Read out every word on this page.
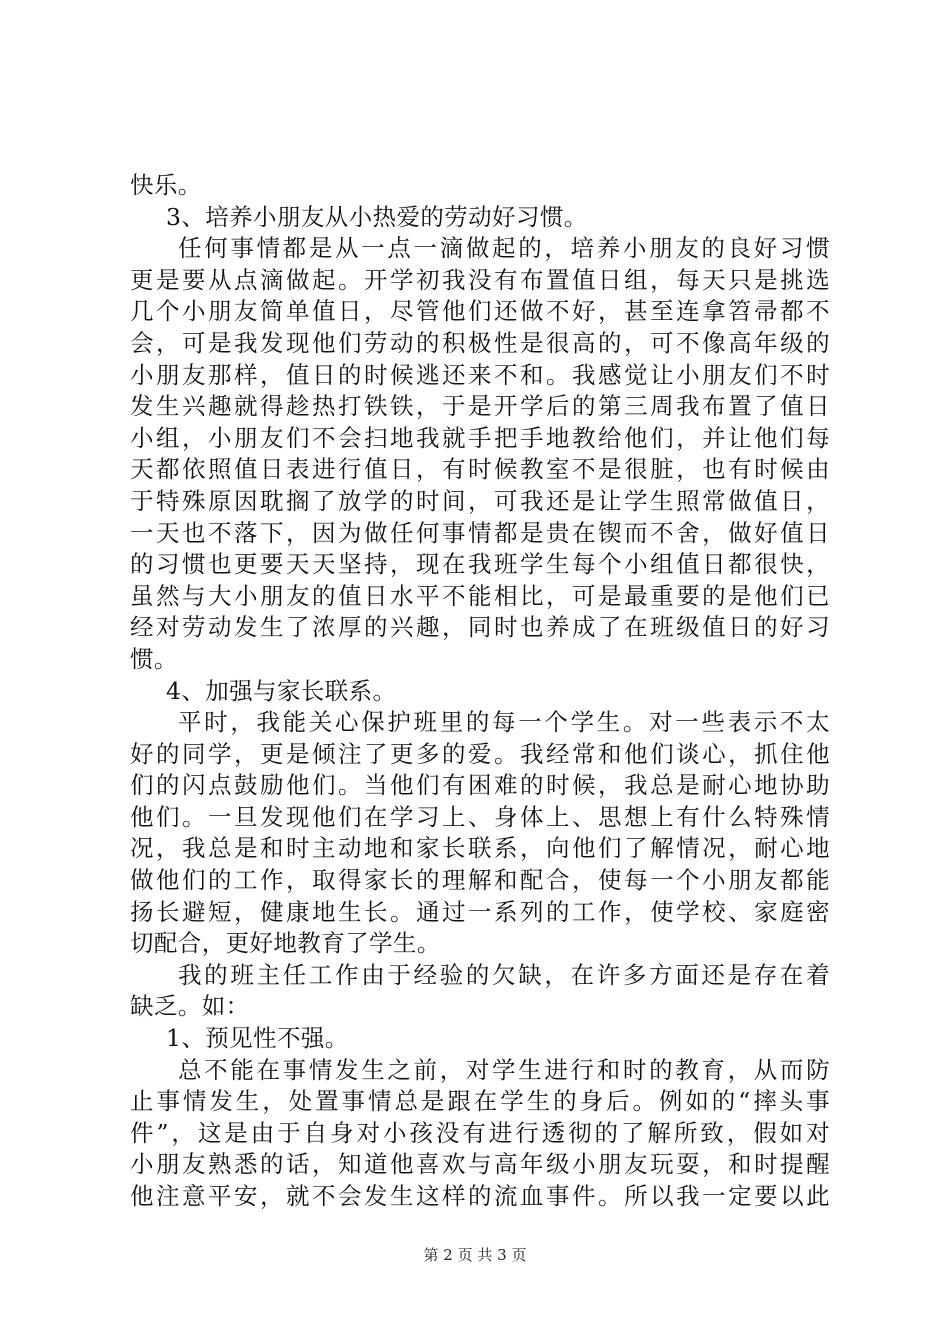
快乐。
3、培养小朋友从小热爱的劳动好习惯。
任何事情都是从一点一滴做起的，培养小朋友的良好习惯
更是要从点滴做起。开学初我没有布置值日组，每天只是挑选
几个小朋友简单值日，尽管他们还做不好，甚至连拿笤帚都不
会，可是我发现他们劳动的积极性是很高的，可不像高年级的
小朋友那样，值日的时候逃还来不和。我感觉让小朋友们不时
发生兴趣就得趁热打铁铁，于是开学后的第三周我布置了值日
小组，小朋友们不会扫地我就手把手地教给他们，并让他们每
天都依照值日表进行值日，有时候教室不是很脏，也有时候由
于特殊原因耽搁了放学的时间，可我还是让学生照常做值日，
一天也不落下，因为做任何事情都是贵在锲而不舍，做好值日
的习惯也更要天天坚持，现在我班学生每个小组值日都很快，
虽然与大小朋友的值日水平不能相比，可是最重要的是他们已
经对劳动发生了浓厚的兴趣，同时也养成了在班级值日的好习
惯。
4、加强与家长联系。
平时，我能关心保护班里的每一个学生。对一些表示不太
好的同学，更是倾注了更多的爱。我经常和他们谈心，抓住他
们的闪点鼓励他们。当他们有困难的时候，我总是耐心地协助
他们。一旦发现他们在学习上、身体上、思想上有什么特殊情
况，我总是和时主动地和家长联系，向他们了解情况，耐心地
做他们的工作，取得家长的理解和配合，使每一个小朋友都能
扬长避短，健康地生长。通过一系列的工作，使学校、家庭密
切配合，更好地教育了学生。
我的班主任工作由于经验的欠缺，在许多方面还是存在着
缺乏。如：
1、预见性不强。
总不能在事情发生之前，对学生进行和时的教育，从而防
止事情发生，处置事情总是跟在学生的身后。例如的“摔头事
件”，这是由于自身对小孩没有进行透彻的了解所致，假如对
小朋友熟悉的话，知道他喜欢与高年级小朋友玩耍，和时提醒
他注意平安，就不会发生这样的流血事件。所以我一定要以此
第 2 页 共 3 页
